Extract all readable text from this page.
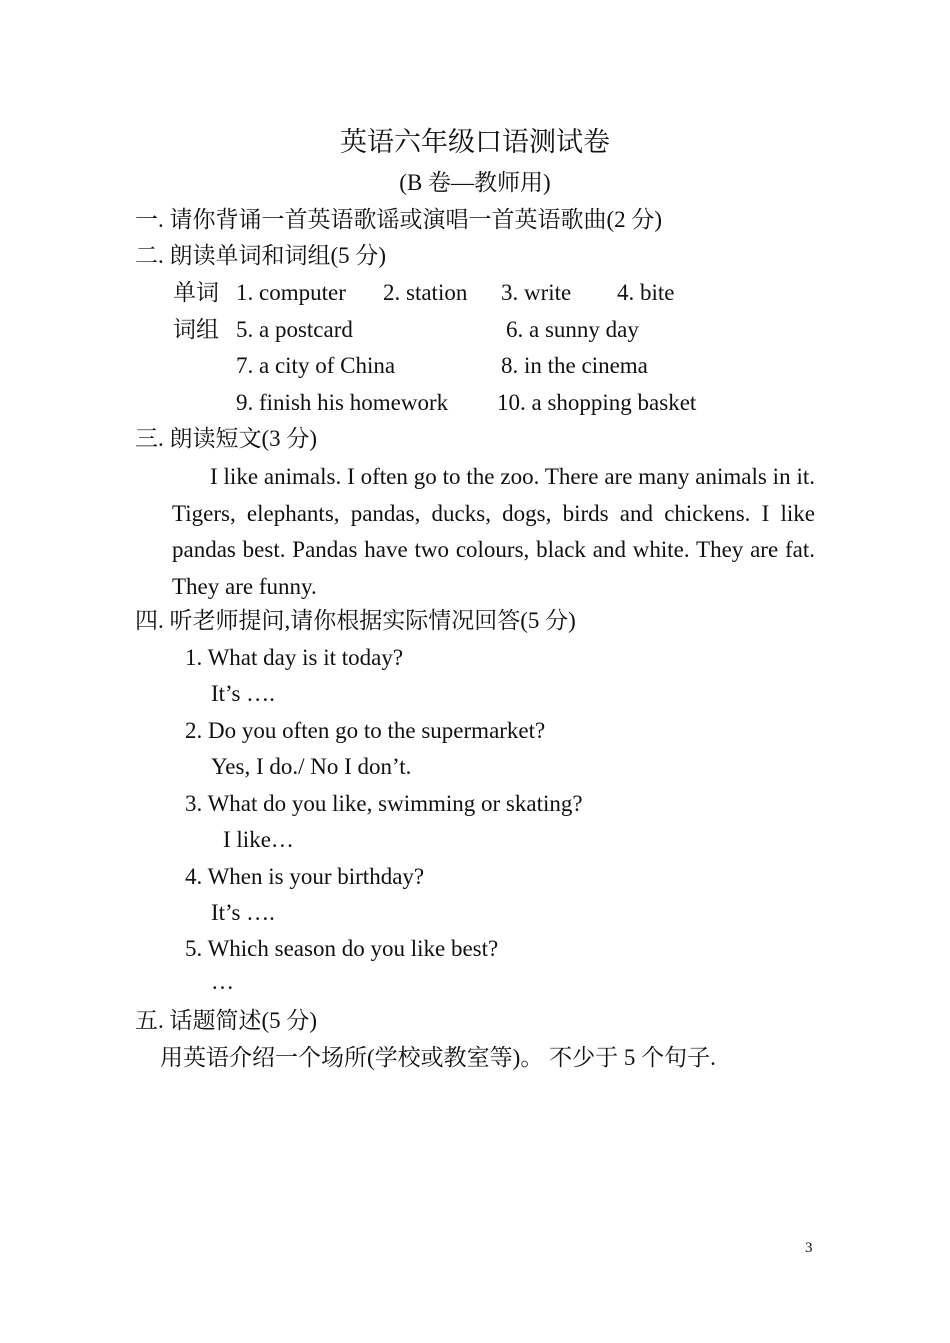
英语六年级口语测试卷
(B 卷—教师用)
一. 请你背诵一首英语歌谣或演唱一首英语歌曲(2 分)
二. 朗读单词和词组(5 分)
单词 1. computer 2. station 3. write 4. bite
词组 5. a postcard	6. a sunny day
7. a city of China	8. in the cinema
9. finish his homework 10. a shopping basket
三. 朗读短文(3 分)
I like animals. I often go to the zoo. There are many animals in it. Tigers, elephants, pandas, ducks, dogs, birds and chickens. I like pandas best. Pandas have two colours, black and white. They are fat. They are funny.
四. 听老师提问,请你根据实际情况回答(5 分)
1. What day is it today?
It’s ….
2. Do you often go to the supermarket?
Yes, I do./ No I don’t.
3. What do you like, swimming or skating?
I like…
4. When is your birthday?
It’s ….
5. Which season do you like best?
…
五. 话题简述(5 分)
用英语介绍一个场所(学校或教室等)。 不少于 5 个句子.
3
